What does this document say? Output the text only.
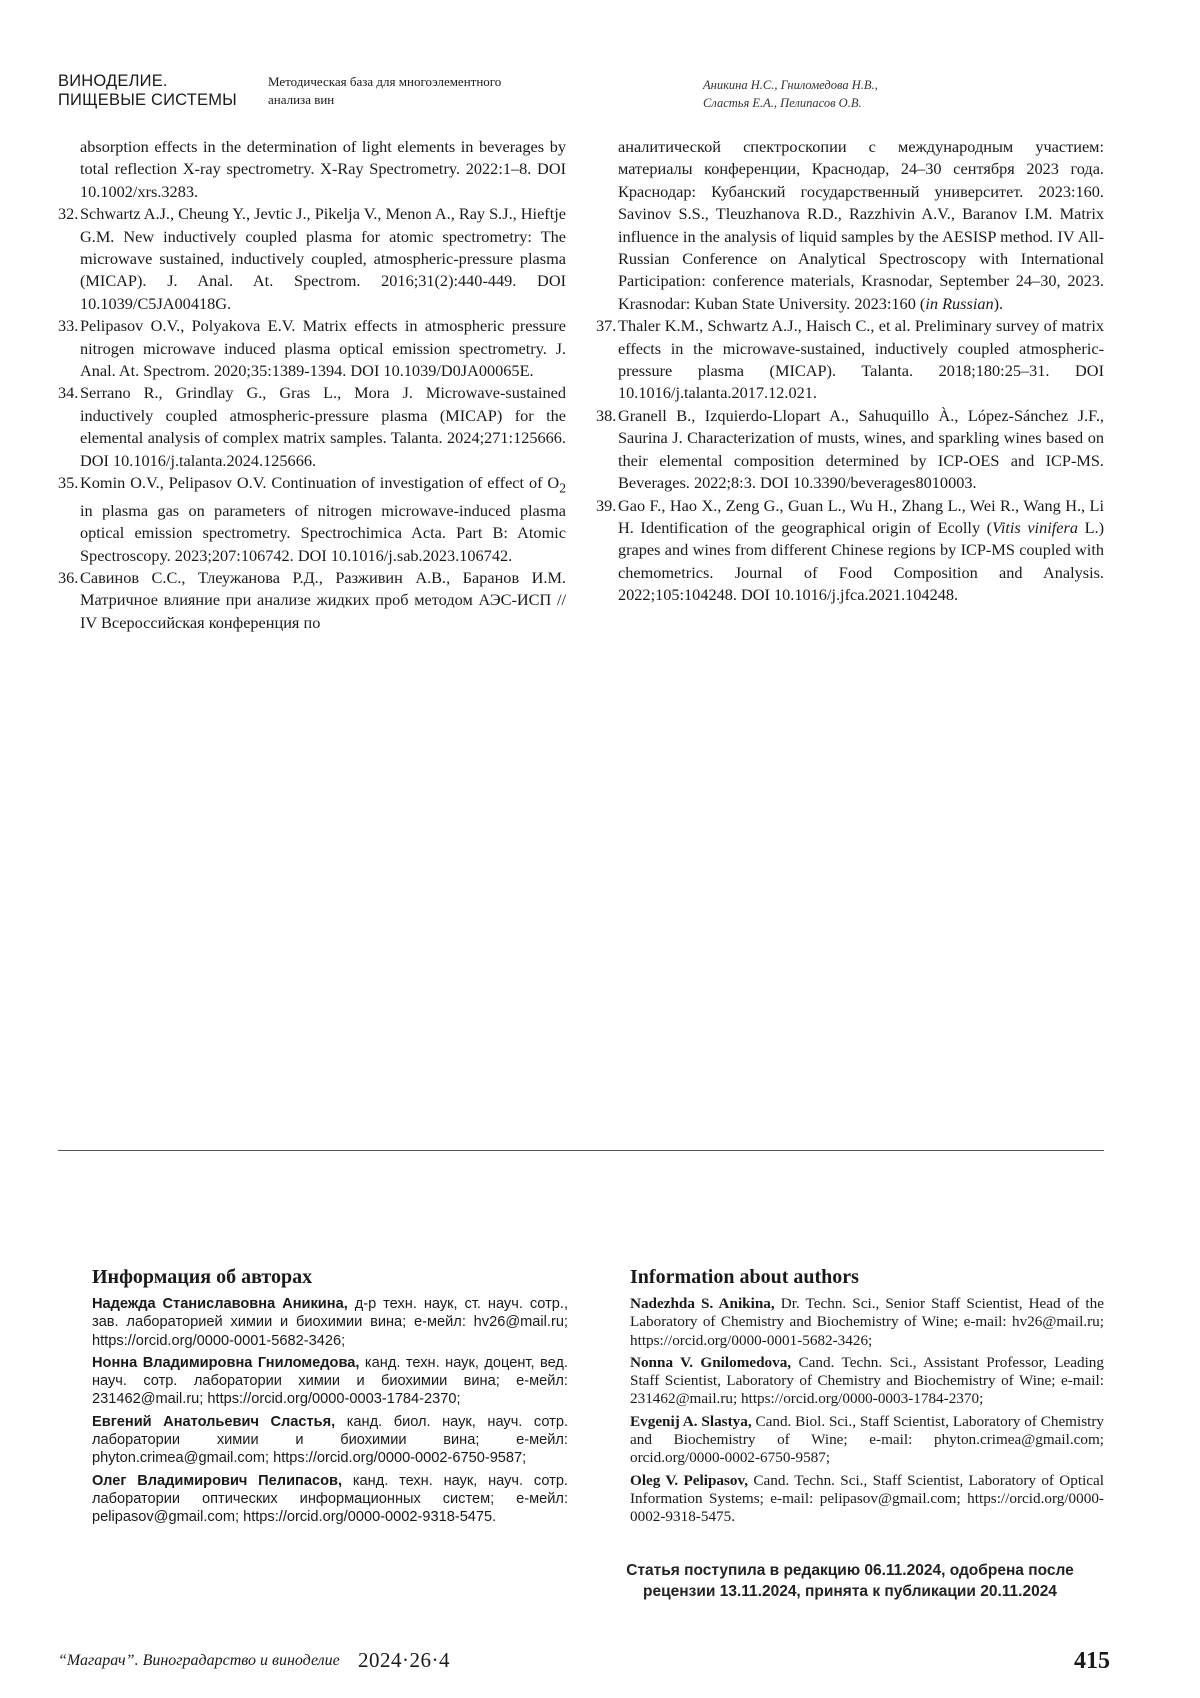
ВИНОДЕЛИЕ.
ПИЩЕВЫЕ СИСТЕМЫ
Методическая база для многоэлементного
анализа вин
Аникина Н.С., Гниломедова Н.В.,
Сластья Е.А., Пелипасов О.В.
absorption effects in the determination of light elements in beverages by total reflection X-ray spectrometry. X-Ray Spectrometry. 2022:1–8. DOI 10.1002/xrs.3283.
32. Schwartz A.J., Cheung Y., Jevtic J., Pikelja V., Menon A., Ray S.J., Hieftje G.M. New inductively coupled plasma for atomic spectrometry: The microwave sustained, inductively coupled, atmospheric-pressure plasma (MICAP). J. Anal. At. Spectrom. 2016;31(2):440-449. DOI 10.1039/C5JA00418G.
33. Pelipasov O.V., Polyakova E.V. Matrix effects in atmospheric pressure nitrogen microwave induced plasma optical emission spectrometry. J. Anal. At. Spectrom. 2020;35:1389-1394. DOI 10.1039/D0JA00065E.
34. Serrano R., Grindlay G., Gras L., Mora J. Microwave-sustained inductively coupled atmospheric-pressure plasma (MICAP) for the elemental analysis of complex matrix samples. Talanta. 2024;271:125666. DOI 10.1016/j.talanta.2024.125666.
35. Komin O.V., Pelipasov O.V. Continuation of investigation of effect of $O_2$ in plasma gas on parameters of nitrogen microwave-induced plasma optical emission spectrometry. Spectrochimica Acta. Part B: Atomic Spectroscopy. 2023;207:106742. DOI 10.1016/j.sab.2023.106742.
36. Савинов С.С., Тлеужанова Р.Д., Разживин А.В., Баранов И.М. Матричное влияние при анализе жидких проб методом АЭС-ИСП // IV Всероссийская конференция по
аналитической спектроскопии с международным участием: материалы конференции, Краснодар, 24–30 сентября 2023 года. Краснодар: Кубанский государственный университет. 2023:160. Savinov S.S., Tleuzhanova R.D., Razzhivin A.V., Baranov I.M. Matrix influence in the analysis of liquid samples by the AESISP method. IV All-Russian Conference on Analytical Spectroscopy with International Participation: conference materials, Krasnodar, September 24–30, 2023. Krasnodar: Kuban State University. 2023:160 (in Russian).
37. Thaler K.M., Schwartz A.J., Haisch C., et al. Preliminary survey of matrix effects in the microwave-sustained, inductively coupled atmospheric-pressure plasma (MICAP). Talanta. 2018;180:25–31. DOI 10.1016/j.talanta.2017.12.021.
38. Granell B., Izquierdo-Llopart A., Sahuquillo À., López-Sánchez J.F., Saurina J. Characterization of musts, wines, and sparkling wines based on their elemental composition determined by ICP-OES and ICP-MS. Beverages. 2022;8:3. DOI 10.3390/beverages8010003.
39. Gao F., Hao X., Zeng G., Guan L., Wu H., Zhang L., Wei R., Wang H., Li H. Identification of the geographical origin of Ecolly (Vitis vinifera L.) grapes and wines from different Chinese regions by ICP-MS coupled with chemometrics. Journal of Food Composition and Analysis. 2022;105:104248. DOI 10.1016/j.jfca.2021.104248.
Информация об авторах

Надежда Станиславовна Аникина, д-р техн. наук, ст. науч. сотр., зав. лабораторией химии и биохимии вина; е-мейл: hv26@mail.ru; https://orcid.org/0000-0001-5682-3426;

Нонна Владимировна Гниломедова, канд. техн. наук, доцент, вед. науч. сотр. лаборатории химии и биохимии вина; е-мейл: 231462@mail.ru; https://orcid.org/0000-0003-1784-2370;

Евгений Анатольевич Сластья, канд. биол. наук, науч. сотр. лаборатории химии и биохимии вина; е-мейл: phyton.crimea@gmail.com; https://orcid.org/0000-0002-6750-9587;

Олег Владимирович Пелипасов, канд. техн. наук, науч. сотр. лаборатории оптических информационных систем; е-мейл: pelipasov@gmail.com; https://orcid.org/0000-0002-9318-5475.

Information about authors

Nadezhda S. Anikina, Dr. Techn. Sci., Senior Staff Scientist, Head of the Laboratory of Chemistry and Biochemistry of Wine; e-mail: hv26@mail.ru; https://orcid.org/0000-0001-5682-3426;

Nonna V. Gnilomedova, Cand. Techn. Sci., Assistant Professor, Leading Staff Scientist, Laboratory of Chemistry and Biochemistry of Wine; e-mail: 231462@mail.ru; https://orcid.org/0000-0003-1784-2370;

Evgenij A. Slastya, Cand. Biol. Sci., Staff Scientist, Laboratory of Chemistry and Biochemistry of Wine; e-mail: phyton.crimea@gmail.com; orcid.org/0000-0002-6750-9587;

Oleg V. Pelipasov, Cand. Techn. Sci., Staff Scientist, Laboratory of Optical Information Systems; e-mail: pelipasov@gmail.com; https://orcid.org/0000-0002-9318-5475.

Статья поступила в редакцию 06.11.2024, одобрена после
рецензии 13.11.2024, принята к публикации 20.11.2024
“Магарач”. Виноградарство и виноделие 2024·26·4	415
